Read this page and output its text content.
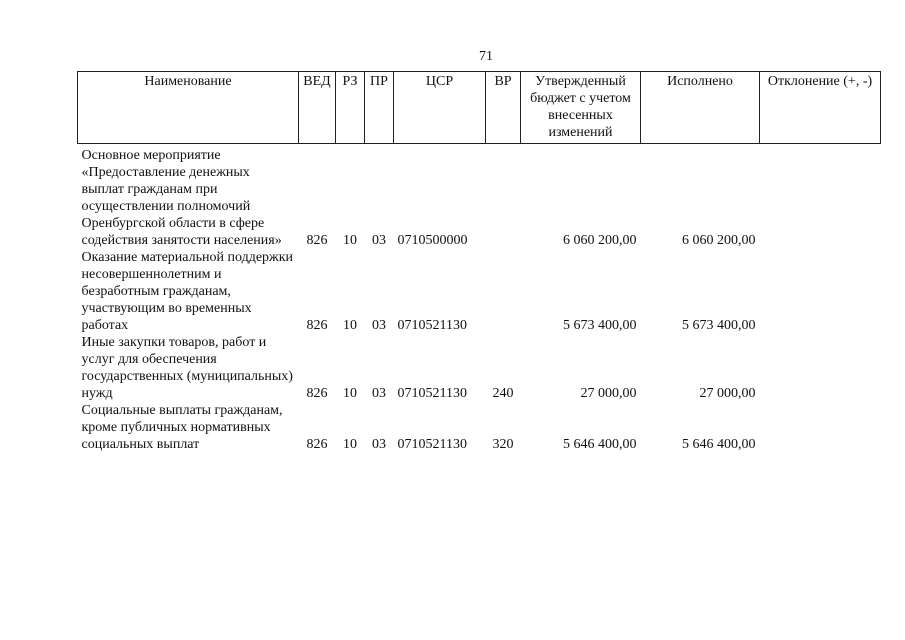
71
Наименование	ВЕД	РЗ	ПР	ЦСР	ВР	Утвержденный бюджет с учетом внесенных изменений	Исполнено	Отклонение (+, -)
Основное мероприятие «Предоставление денежных выплат гражданам при осуществлении полномочий Оренбургской области в сфере содействия занятости населения»	826	10	03	0710500000		6 060 200,00	6 060 200,00	
Оказание материальной поддержки несовершеннолетним и безработным гражданам, участвующим во временных работах	826	10	03	0710521130		5 673 400,00	5 673 400,00	
Иные закупки товаров, работ и услуг для обеспечения государственных (муниципальных) нужд	826	10	03	0710521130	240	27 000,00	27 000,00	
Социальные выплаты гражданам, кроме публичных нормативных социальных выплат	826	10	03	0710521130	320	5 646 400,00	5 646 400,00	
